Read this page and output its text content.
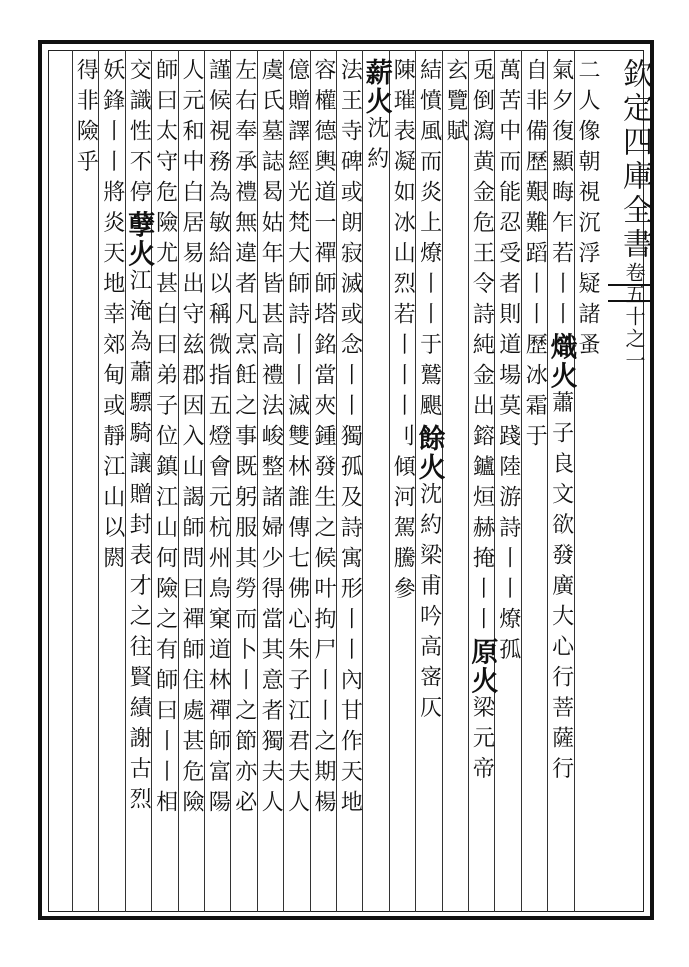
欽定四庫全書卷五十之一
二人像朝視沉浮疑諸蚤
氣夕復顯晦乍若丨丨熾火蕭子良文欲發廣大心行菩薩行
自非備歷艱難蹈丨丨歷冰霜于
萬苦中而能忍受者則道場莫踐陸游詩丨丨燎孤
兎倒瀉黄金危王令詩純金出鎔鑪烜赫掩丨丨原火梁元帝
玄覽賦
結憤風而炎上燎丨丨于鷲颶餘火沈約梁甫吟高宻仄
陳璀表凝如冰山烈若丨丨丨刂傾河駕騰參
薪火沈約
法王寺碑或朗寂滅或念丨丨獨孤及詩寓形丨丨內甘作天地
容權德輿道一禪師塔銘當夾鍾發生之候叶拘尸丨丨之期楊
億贈譯經光梵大師詩丨丨滅雙林誰傳七佛心朱子江君夫人
虞氏墓誌曷姑年皆甚高禮法峻整諸婦少得當其意者獨夫人
左右奉承禮無違者凡烹飪之事既躬服其勞而卜丨之節亦必
謹候視務為敏給以稱微指五燈會元杭州鳥窠道林禪師富陽
人元和中白居易出守兹郡因入山謁師問曰禪師住處甚危險
師曰太守危險尤甚白曰弟子位鎮江山何險之有師曰丨丨相
交識性不停孽火江淹為蕭驃騎讓贈封表才之往賢績謝古烈
妖鋒丨丨將炎天地幸郊甸或靜江山以閼
得非險乎
